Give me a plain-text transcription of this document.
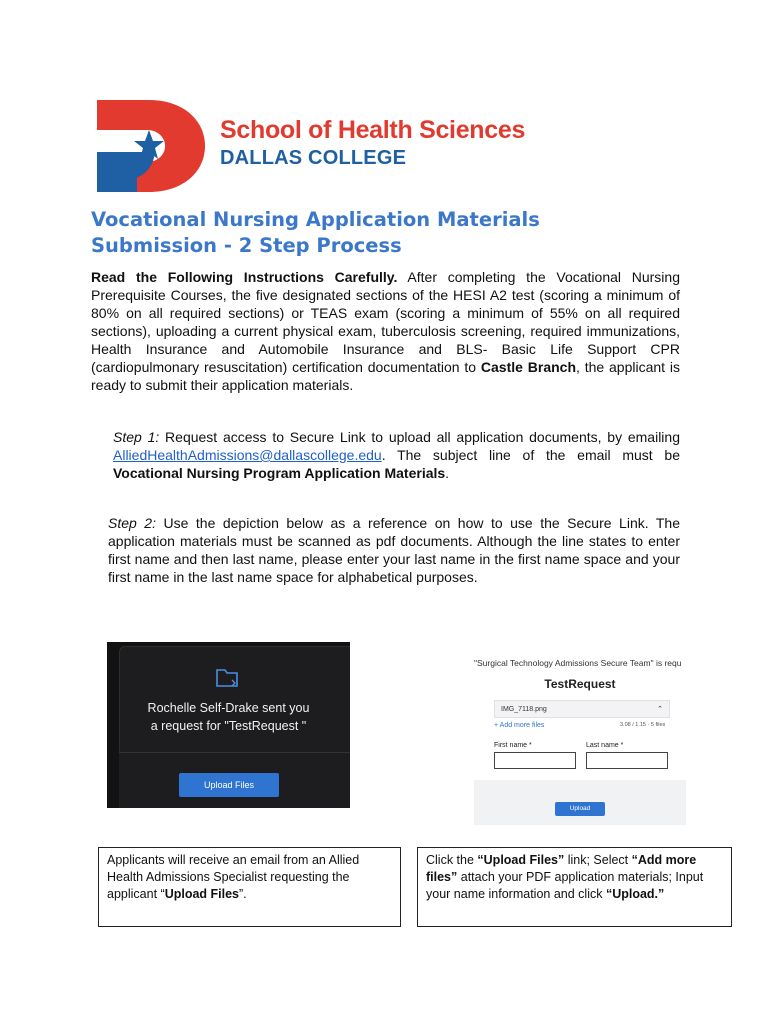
School of Health Sciences
DALLAS COLLEGE
Vocational Nursing Application Materials
Submission - 2 Step Process
Read the Following Instructions Carefully. After completing the Vocational Nursing Prerequisite Courses, the five designated sections of the HESI A2 test (scoring a minimum of 80% on all required sections) or TEAS exam (scoring a minimum of 55% on all required sections), uploading a current physical exam, tuberculosis screening, required immunizations, Health Insurance and Automobile Insurance and BLS- Basic Life Support CPR (cardiopulmonary resuscitation) certification documentation to Castle Branch, the applicant is ready to submit their application materials.
Step 1: Request access to Secure Link to upload all application documents, by emailing AlliedHealthAdmissions@dallascollege.edu. The subject line of the email must be Vocational Nursing Program Application Materials.
Step 2: Use the depiction below as a reference on how to use the Secure Link. The application materials must be scanned as pdf documents. Although the line states to enter first name and then last name, please enter your last name in the first name space and your first name in the last name space for alphabetical purposes.
Rochelle Self-Drake sent you
a request for "TestRequest "
Upload Files
"Surgical Technology Admissions Secure Team" is requ
TestRequest
IMG_7118.png	⌃
+ Add more files	3.08 / 1.15 · 5 files
First name *	Last name *
Upload
Applicants will receive an email from an Allied Health Admissions Specialist requesting the applicant “Upload Files”.
Click the “Upload Files” link; Select “Add more files” attach your PDF application materials; Input your name information and click “Upload.”
